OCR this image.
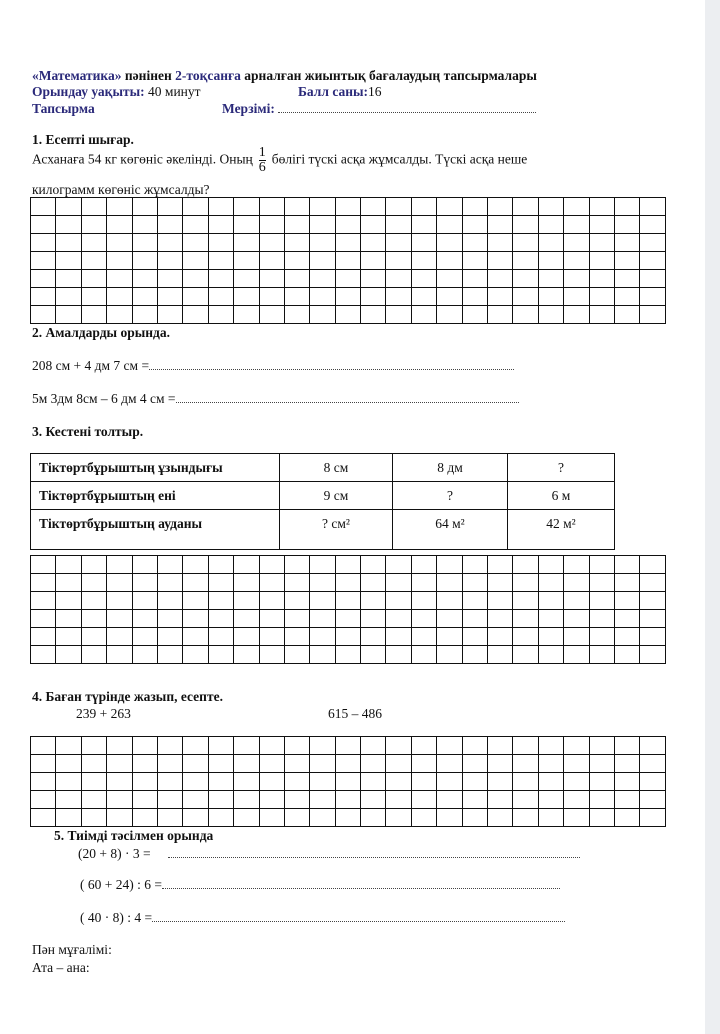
«Математика» пәнінен 2-тоқсанға арналған жиынтық бағалаудың тапсырмалары
Орындау уақыты: 40 минут	Балл саны:16
Тапсырма	Мерзімі:
1. Есепті шығар.
Асханаға 54 кг көгөніс әкелінді. Оның $\frac{1}{6}$ бөлігі түскі асқа жұмсалды. Түскі асқа неше
килограмм көгөніс жұмсалды?

2. Амалдарды орында.
208 см + 4 дм 7 см =
5м 3дм 8см – 6 дм 4 см =
3. Кестені толтыр.
Тіктөртбұрыштың ұзындығы	8 см	8 дм	?
Тіктөртбұрыштың ені	9 см	?	6 м
Тіктөртбұрыштың ауданы	? см²	64 м²	42 м²

4. Баған түрінде жазып, есепте.
239 + 263	615 – 486

5. Тиімді тәсілмен орында
(20 + 8) · 3 =
( 60 + 24) : 6 =
( 40 · 8) : 4 =
Пән мұғалімі:
Ата – ана:
